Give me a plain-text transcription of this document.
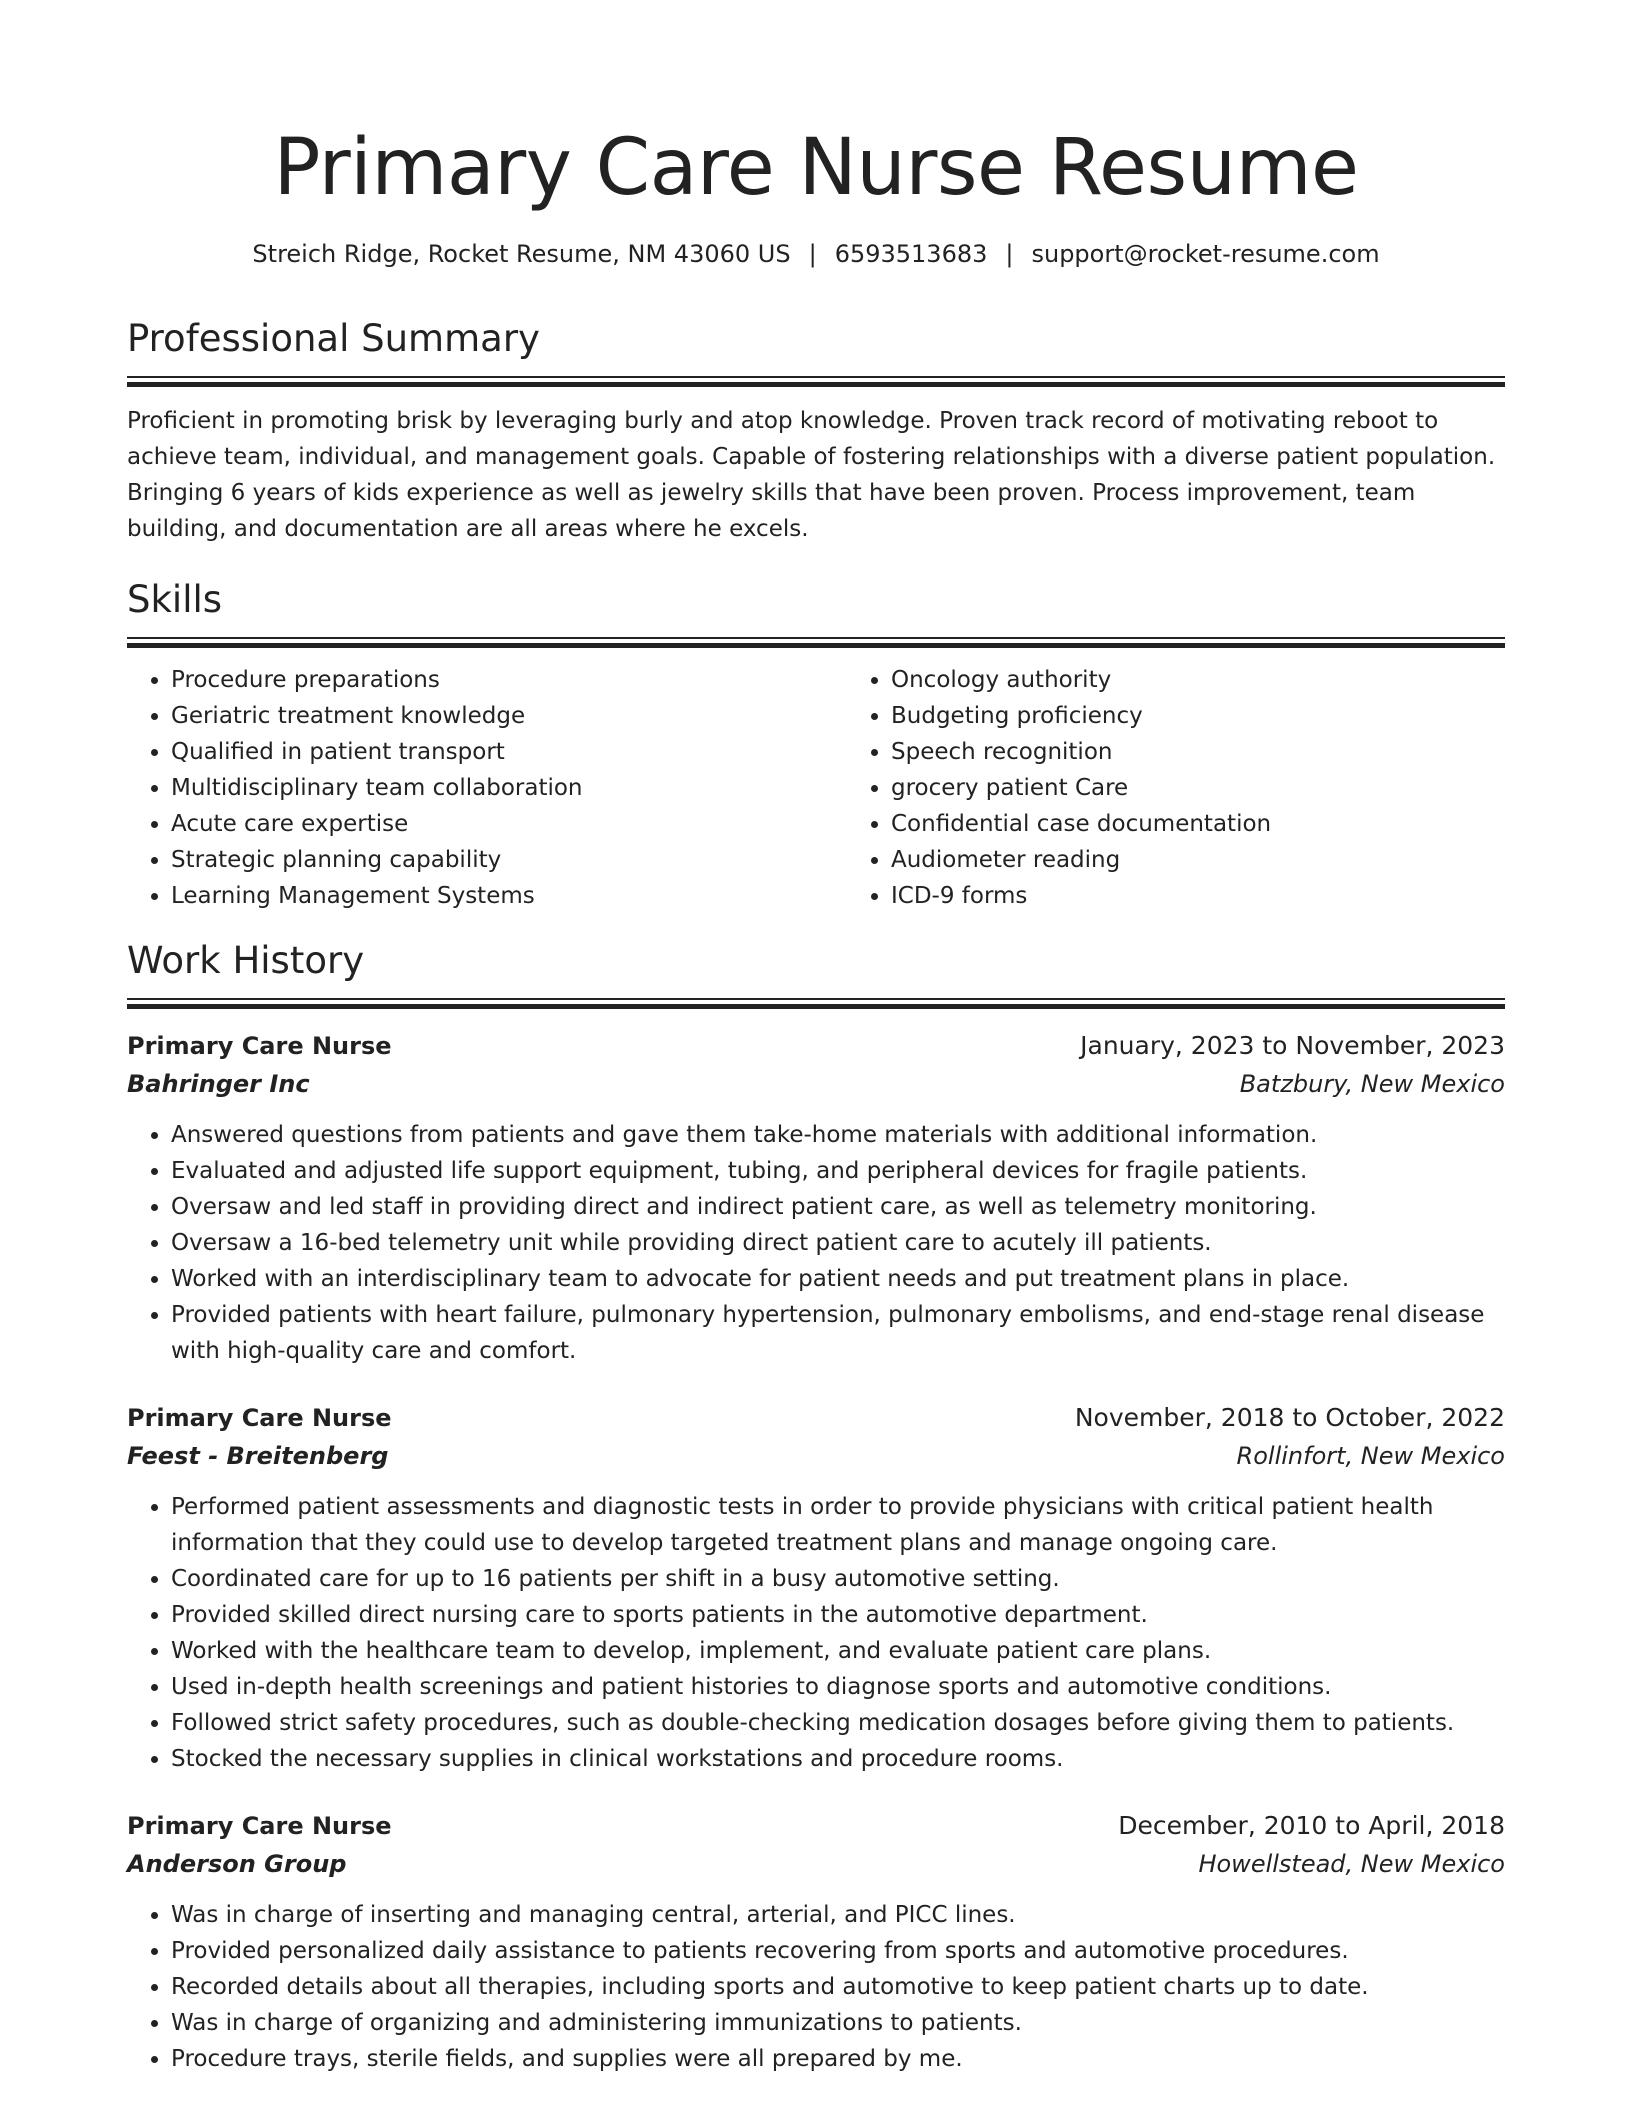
Primary Care Nurse Resume
Streich Ridge, Rocket Resume, NM 43060 US | 6593513683 | support@rocket-resume.com
Professional Summary
Proficient in promoting brisk by leveraging burly and atop knowledge. Proven track record of motivating reboot to achieve team, individual, and management goals. Capable of fostering relationships with a diverse patient population. Bringing 6 years of kids experience as well as jewelry skills that have been proven. Process improvement, team building, and documentation are all areas where he excels.
Skills
• Procedure preparations
• Geriatric treatment knowledge
• Qualified in patient transport
• Multidisciplinary team collaboration
• Acute care expertise
• Strategic planning capability
• Learning Management Systems
• Oncology authority
• Budgeting proficiency
• Speech recognition
• grocery patient Care
• Confidential case documentation
• Audiometer reading
• ICD-9 forms
Work History
Primary Care Nurse	January, 2023 to November, 2023
Bahringer Inc	Batzbury, New Mexico
• Answered questions from patients and gave them take-home materials with additional information.
• Evaluated and adjusted life support equipment, tubing, and peripheral devices for fragile patients.
• Oversaw and led staff in providing direct and indirect patient care, as well as telemetry monitoring.
• Oversaw a 16-bed telemetry unit while providing direct patient care to acutely ill patients.
• Worked with an interdisciplinary team to advocate for patient needs and put treatment plans in place.
• Provided patients with heart failure, pulmonary hypertension, pulmonary embolisms, and end-stage renal disease with high-quality care and comfort.
Primary Care Nurse	November, 2018 to October, 2022
Feest - Breitenberg	Rollinfort, New Mexico
• Performed patient assessments and diagnostic tests in order to provide physicians with critical patient health information that they could use to develop targeted treatment plans and manage ongoing care.
• Coordinated care for up to 16 patients per shift in a busy automotive setting.
• Provided skilled direct nursing care to sports patients in the automotive department.
• Worked with the healthcare team to develop, implement, and evaluate patient care plans.
• Used in-depth health screenings and patient histories to diagnose sports and automotive conditions.
• Followed strict safety procedures, such as double-checking medication dosages before giving them to patients.
• Stocked the necessary supplies in clinical workstations and procedure rooms.
Primary Care Nurse	December, 2010 to April, 2018
Anderson Group	Howellstead, New Mexico
• Was in charge of inserting and managing central, arterial, and PICC lines.
• Provided personalized daily assistance to patients recovering from sports and automotive procedures.
• Recorded details about all therapies, including sports and automotive to keep patient charts up to date.
• Was in charge of organizing and administering immunizations to patients.
• Procedure trays, sterile fields, and supplies were all prepared by me.
